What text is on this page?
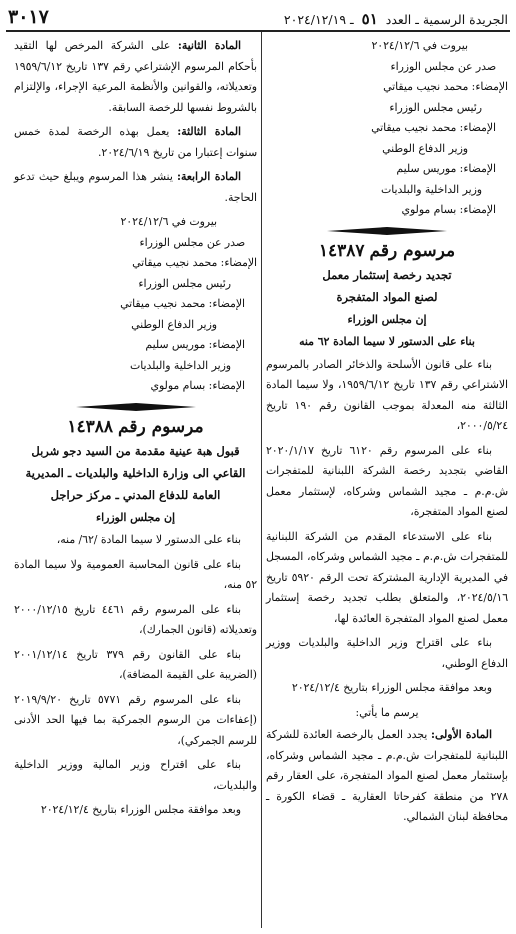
الجريدة الرسمية ـ العدد ٥١ ـ ٢٠٢٤/١٢/١٩
٣٠١٧

بيروت في ٢٠٢٤/١٢/٦

صدر عن مجلس الوزراء

الإمضاء: محمد نجيب ميقاتي

رئيس مجلس الوزراء

الإمضاء: محمد نجيب ميقاتي

وزير الدفاع الوطني

الإمضاء: موريس سليم

وزير الداخلية والبلديات

الإمضاء: بسام مولوي

مرسوم رقم ١٤٣٨٧

تجديد رخصة إستثمار معمل

لصنع المواد المتفجرة

إن مجلس الوزراء

بناء على الدستور لا سيما المادة ٦٢ منه

بناء على قانون الأسلحة والذخائر الصادر بالمرسوم الاشتراعي رقم ١٣٧ تاريخ ١٩٥٩/٦/١٢، ولا سيما المادة الثالثة منه المعدلة بموجب القانون رقم ١٩٠ تاريخ ٢٠٠٠/٥/٢٤،

بناء على المرسوم رقم ٦١٢٠ تاريخ ٢٠٢٠/١/١٧ القاضي بتجديد رخصة الشركة اللبنانية للمتفجرات ش.م.م ـ مجيد الشماس وشركاه، لإستثمار معمل لصنع المواد المتفجرة،

بناء على الاستدعاء المقدم من الشركة اللبنانية للمتفجرات ش.م.م ـ مجيد الشماس وشركاه، المسجل في المديرية الإدارية المشتركة تحت الرقم ٥٩٢٠ تاريخ ٢٠٢٤/٥/١٦، والمتعلق بطلب تجديد رخصة إستثمار معمل لصنع المواد المتفجرة العائدة لها،

بناء على اقتراح وزير الداخلية والبلديات ووزير الدفاع الوطني،

وبعد موافقة مجلس الوزراء بتاريخ ٢٠٢٤/١٢/٤

يرسم ما يأتي:

المادة الأولى: يجدد العمل بالرخصة العائدة للشركة اللبنانية للمتفجرات ش.م.م ـ مجيد الشماس وشركاه، بإستثمار معمل لصنع المواد المتفجرة، على العقار رقم ٢٧٨ من منطقة كفرحاتا العقارية ـ قضاء الكورة ـ محافظة لبنان الشمالي.

المادة الثانية: على الشركة المرخص لها التقيد بأحكام المرسوم الإشتراعي رقم ١٣٧ تاريخ ١٩٥٩/٦/١٢ وتعديلاته، والقوانين والأنظمة المرعية الإجراء، والإلتزام بالشروط نفسها للرخصة السابقة.

المادة الثالثة: يعمل بهذه الرخصة لمدة خمس سنوات إعتبارا من تاريخ ٢٠٢٤/٦/١٩.

المادة الرابعة: ينشر هذا المرسوم ويبلغ حيث تدعو الحاجة.

بيروت في ٢٠٢٤/١٢/٦

صدر عن مجلس الوزراء

الإمضاء: محمد نجيب ميقاتي

رئيس مجلس الوزراء

الإمضاء: محمد نجيب ميقاتي

وزير الدفاع الوطني

الإمضاء: موريس سليم

وزير الداخلية والبلديات

الإمضاء: بسام مولوي

مرسوم رقم ١٤٣٨٨

قبول هبة عينية مقدمة من السيد دجو شربل

القاعي الى وزارة الداخلية والبلديات ـ المديرية

العامة للدفاع المدني ـ مركز حراجل

إن مجلس الوزراء

بناء على الدستور لا سيما المادة /٦٢/ منه،

بناء على قانون المحاسبة العمومية ولا سيما المادة ٥٢ منه،

بناء على المرسوم رقم ٤٤٦١ تاريخ ٢٠٠٠/١٢/١٥ وتعديلاته (قانون الجمارك)،

بناء على القانون رقم ٣٧٩ تاريخ ٢٠٠١/١٢/١٤ (الضريبة على القيمة المضافة)،

بناء على المرسوم رقم ٥٧٧١ تاريخ ٢٠١٩/٩/٢٠ (إعفاءات من الرسوم الجمركية بما فيها الحد الأدنى للرسم الجمركي)،

بناء على اقتراح وزير المالية ووزير الداخلية والبلديات،

وبعد موافقة مجلس الوزراء بتاريخ ٢٠٢٤/١٢/٤
